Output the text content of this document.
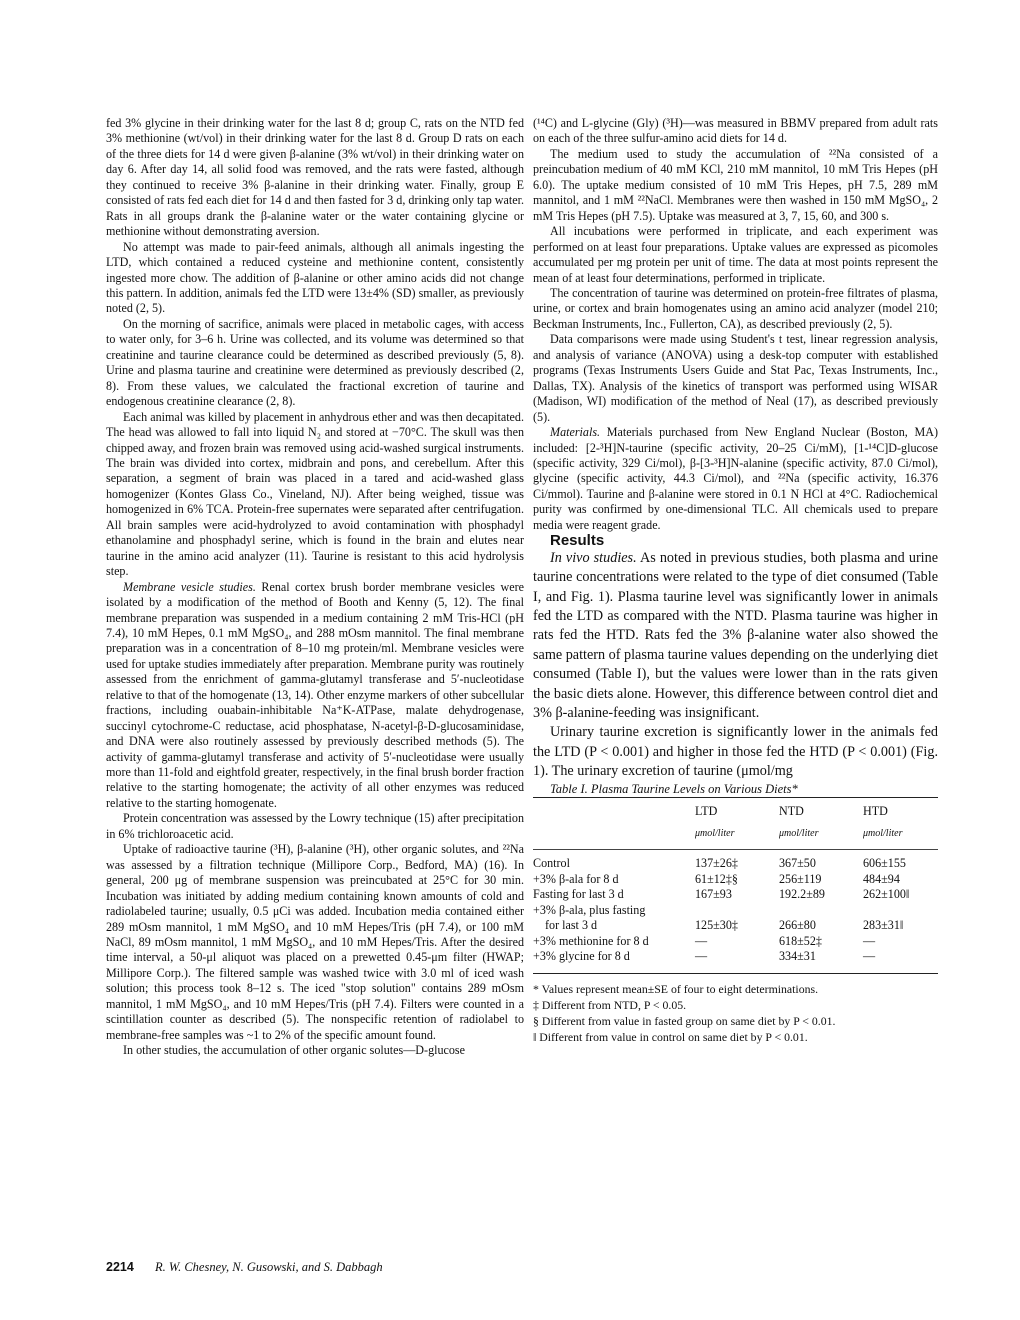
fed 3% glycine in their drinking water for the last 8 d; group C, rats on the NTD fed 3% methionine (wt/vol) in their drinking water for the last 8 d. Group D rats on each of the three diets for 14 d were given β-alanine (3% wt/vol) in their drinking water on day 6. After day 14, all solid food was removed, and the rats were fasted, although they continued to receive 3% β-alanine in their drinking water. Finally, group E consisted of rats fed each diet for 14 d and then fasted for 3 d, drinking only tap water. Rats in all groups drank the β-alanine water or the water containing glycine or methionine without demonstrating aversion.

No attempt was made to pair-feed animals, although all animals ingesting the LTD, which contained a reduced cysteine and methionine content, consistently ingested more chow. The addition of β-alanine or other amino acids did not change this pattern. In addition, animals fed the LTD were 13±4% (SD) smaller, as previously noted (2, 5).

On the morning of sacrifice, animals were placed in metabolic cages, with access to water only, for 3–6 h. Urine was collected, and its volume was determined so that creatinine and taurine clearance could be determined as described previously (5, 8). Urine and plasma taurine and creatinine were determined as previously described (2, 8). From these values, we calculated the fractional excretion of taurine and endogenous creatinine clearance (2, 8).

Each animal was killed by placement in anhydrous ether and was then decapitated. The head was allowed to fall into liquid N₂ and stored at −70°C. The skull was then chipped away, and frozen brain was removed using acid-washed surgical instruments. The brain was divided into cortex, midbrain and pons, and cerebellum. After this separation, a segment of brain was placed in a tared and acid-washed glass homogenizer (Kontes Glass Co., Vineland, NJ). After being weighed, tissue was homogenized in 6% TCA. Protein-free supernates were separated after centrifugation. All brain samples were acid-hydrolyzed to avoid contamination with phosphadyl ethanolamine and phosphadyl serine, which is found in the brain and elutes near taurine in the amino acid analyzer (11). Taurine is resistant to this acid hydrolysis step.

Membrane vesicle studies. Renal cortex brush border membrane vesicles were isolated by a modification of the method of Booth and Kenny (5, 12). The final membrane preparation was suspended in a medium containing 2 mM Tris-HCl (pH 7.4), 10 mM Hepes, 0.1 mM MgSO₄, and 288 mOsm mannitol. The final membrane preparation was in a concentration of 8–10 mg protein/ml. Membrane vesicles were used for uptake studies immediately after preparation. Membrane purity was routinely assessed from the enrichment of gamma-glutamyl transferase and 5′-nucleotidase relative to that of the homogenate (13, 14). Other enzyme markers of other subcellular fractions, including ouabain-inhibitable Na⁺K-ATPase, malate dehydrogenase, succinyl cytochrome-C reductase, acid phosphatase, N-acetyl-β-D-glucosaminidase, and DNA were also routinely assessed by previously described methods (5). The activity of gamma-glutamyl transferase and activity of 5′-nucleotidase were usually more than 11-fold and eightfold greater, respectively, in the final brush border fraction relative to the starting homogenate; the activity of all other enzymes was reduced relative to the starting homogenate.

Protein concentration was assessed by the Lowry technique (15) after precipitation in 6% trichloroacetic acid.

Uptake of radioactive taurine (³H), β-alanine (³H), other organic solutes, and ²²Na was assessed by a filtration technique (Millipore Corp., Bedford, MA) (16). In general, 200 μg of membrane suspension was preincubated at 25°C for 30 min. Incubation was initiated by adding medium containing known amounts of cold and radiolabeled taurine; usually, 0.5 μCi was added. Incubation media contained either 289 mOsm mannitol, 1 mM MgSO₄ and 10 mM Hepes/Tris (pH 7.4), or 100 mM NaCl, 89 mOsm mannitol, 1 mM MgSO₄, and 10 mM Hepes/Tris. After the desired time interval, a 50-μl aliquot was placed on a prewetted 0.45-μm filter (HWAP; Millipore Corp.). The filtered sample was washed twice with 3.0 ml of iced wash solution; this process took 8–12 s. The iced "stop solution" contains 289 mOsm mannitol, 1 mM MgSO₄, and 10 mM Hepes/Tris (pH 7.4). Filters were counted in a scintillation counter as described (5). The nonspecific retention of radiolabel to membrane-free samples was ~1 to 2% of the specific amount found.

In other studies, the accumulation of other organic solutes—D-glucose

(¹⁴C) and L-glycine (Gly) (³H)—was measured in BBMV prepared from adult rats on each of the three sulfur-amino acid diets for 14 d.

The medium used to study the accumulation of ²²Na consisted of a preincubation medium of 40 mM KCl, 210 mM mannitol, 10 mM Tris Hepes (pH 6.0). The uptake medium consisted of 10 mM Tris Hepes, pH 7.5, 289 mM mannitol, and 1 mM ²²NaCl. Membranes were then washed in 150 mM MgSO₄, 2 mM Tris Hepes (pH 7.5). Uptake was measured at 3, 7, 15, 60, and 300 s.

All incubations were performed in triplicate, and each experiment was performed on at least four preparations. Uptake values are expressed as picomoles accumulated per mg protein per unit of time. The data at most points represent the mean of at least four determinations, performed in triplicate.

The concentration of taurine was determined on protein-free filtrates of plasma, urine, or cortex and brain homogenates using an amino acid analyzer (model 210; Beckman Instruments, Inc., Fullerton, CA), as described previously (2, 5).

Data comparisons were made using Student's t test, linear regression analysis, and analysis of variance (ANOVA) using a desk-top computer with established programs (Texas Instruments Users Guide and Stat Pac, Texas Instruments, Inc., Dallas, TX). Analysis of the kinetics of transport was performed using WISAR (Madison, WI) modification of the method of Neal (17), as described previously (5).

Materials. Materials purchased from New England Nuclear (Boston, MA) included: [2-³H]N-taurine (specific activity, 20–25 Ci/mM), [1-¹⁴C]D-glucose (specific activity, 329 Ci/mol), β-[3-³H]N-alanine (specific activity, 87.0 Ci/mol), glycine (specific activity, 44.3 Ci/mol), and ²²Na (specific activity, 16.376 Ci/mmol). Taurine and β-alanine were stored in 0.1 N HCl at 4°C. Radiochemical purity was confirmed by one-dimensional TLC. All chemicals used to prepare media were reagent grade.

Results

In vivo studies. As noted in previous studies, both plasma and urine taurine concentrations were related to the type of diet consumed (Table I, and Fig. 1). Plasma taurine level was significantly lower in animals fed the LTD as compared with the NTD. Plasma taurine was higher in rats fed the HTD. Rats fed the 3% β-alanine water also showed the same pattern of plasma taurine values depending on the underlying diet consumed (Table I), but the values were lower than in the rats given the basic diets alone. However, this difference between control diet and 3% β-alanine-feeding was insignificant.

Urinary taurine excretion is significantly lower in the animals fed the LTD (P < 0.001) and higher in those fed the HTD (P < 0.001) (Fig. 1). The urinary excretion of taurine (μmol/mg

Table I. Plasma Taurine Levels on Various Diets*

	LTD	NTD	HTD
	μmol/liter	μmol/liter	μmol/liter
Control	137±26‡	367±50	606±155
+3% β-ala for 8 d	61±12‡§	256±119	484±94
Fasting for last 3 d	167±93	192.2±89	262±100‖
+3% β-ala, plus fasting			
for last 3 d	125±30‡	266±80	283±31‖
+3% methionine for 8 d	—	618±52‡	—
+3% glycine for 8 d	—	334±31	—
* Values represent mean±SE of four to eight determinations.
‡ Different from NTD, P < 0.05.
§ Different from value in fasted group on same diet by P < 0.01.
‖ Different from value in control on same diet by P < 0.01.
2214 R. W. Chesney, N. Gusowski, and S. Dabbagh
